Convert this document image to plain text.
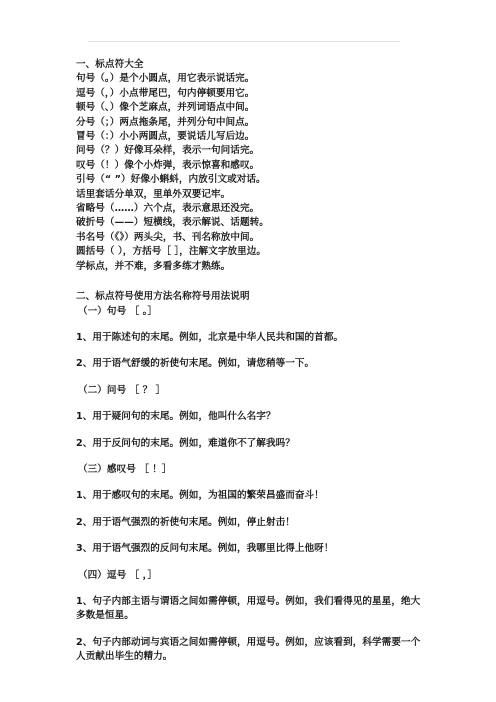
一、标点符大全

句号（。）是个小圆点，用它表示说话完。

逗号（，）小点带尾巴，句内停顿要用它。

顿号（、）像个芝麻点，并列词语点中间。

分号（；）两点拖条尾，并列分句中间点。

冒号（：）小小两圆点，要说话儿写后边。

问号（？）好像耳朵样，表示一句问话完。

叹号（！）像个小炸弹，表示惊喜和感叹。

引号（“ ”）好像小蝌蚪，内放引文或对话。

话里套话分单双，里单外双要记牢。

省略号（……）六个点，表示意思还没完。

破折号（——）短横线，表示解说、话题转。

书名号（《》）两头尖，书、刊名称放中间。

圆括号（ ），方括号［ ］，注解文字放里边。

学标点，并不难，多看多练才熟练。

二、标点符号使用方法名称符号用法说明

（一）句号 ［ 。］

1、用于陈述句的末尾。例如，北京是中华人民共和国的首都。

2、用于语气舒缓的祈使句末尾。例如，请您稍等一下。

（二）问号 ［ ？ ］

1、用于疑问句的末尾。例如，他叫什么名字？

2、用于反问句的末尾。例如，难道你不了解我吗？

（三）感叹号 ［ ！］

1、用于感叹句的末尾。例如，为祖国的繁荣昌盛而奋斗！

2、用于语气强烈的祈使句末尾。例如，停止射击！

3、用于语气强烈的反问句末尾。例如，我哪里比得上他呀！

（四）逗号 ［ ，］

1、句子内部主语与谓语之间如需停顿，用逗号。例如，我们看得见的星星，绝大多数是恒星。

2、句子内部动词与宾语之间如需停顿，用逗号。例如，应该看到，科学需要一个人贡献出毕生的精力。
